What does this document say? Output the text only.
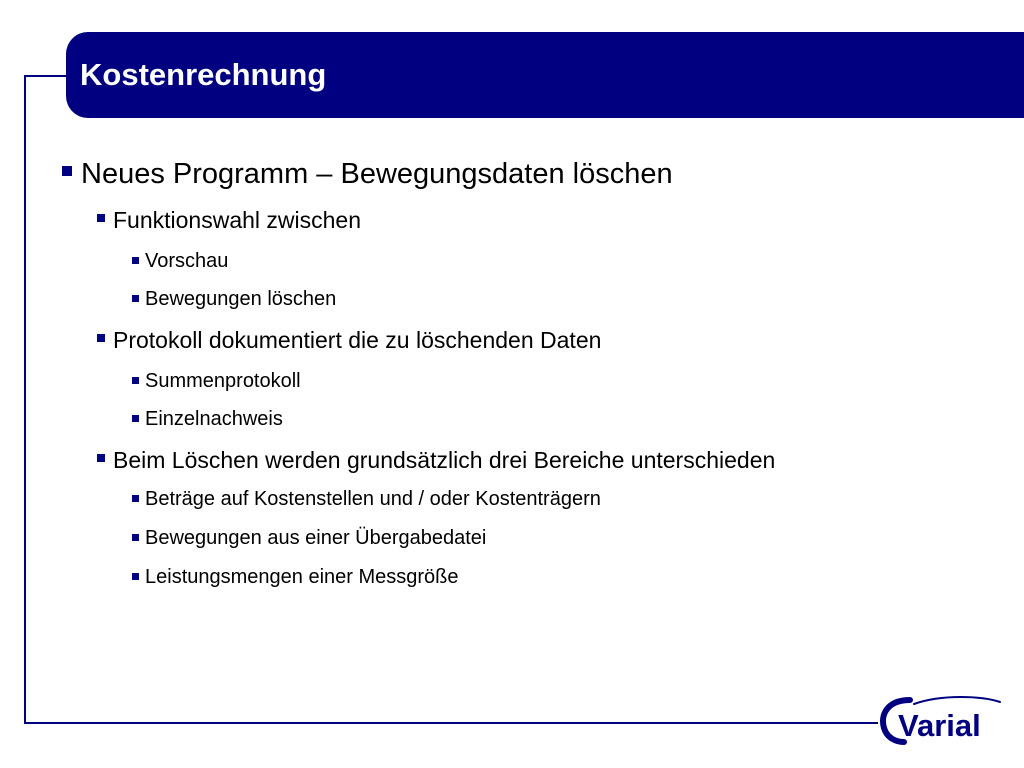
Kostenrechnung
Neues Programm – Bewegungsdaten löschen
Funktionswahl zwischen
Vorschau
Bewegungen löschen
Protokoll dokumentiert die zu löschenden Daten
Summenprotokoll
Einzelnachweis
Beim Löschen werden grundsätzlich drei Bereiche unterschieden
Beträge auf Kostenstellen und / oder Kostenträgern
Bewegungen aus einer Übergabedatei
Leistungsmengen einer Messgröße
Varial
